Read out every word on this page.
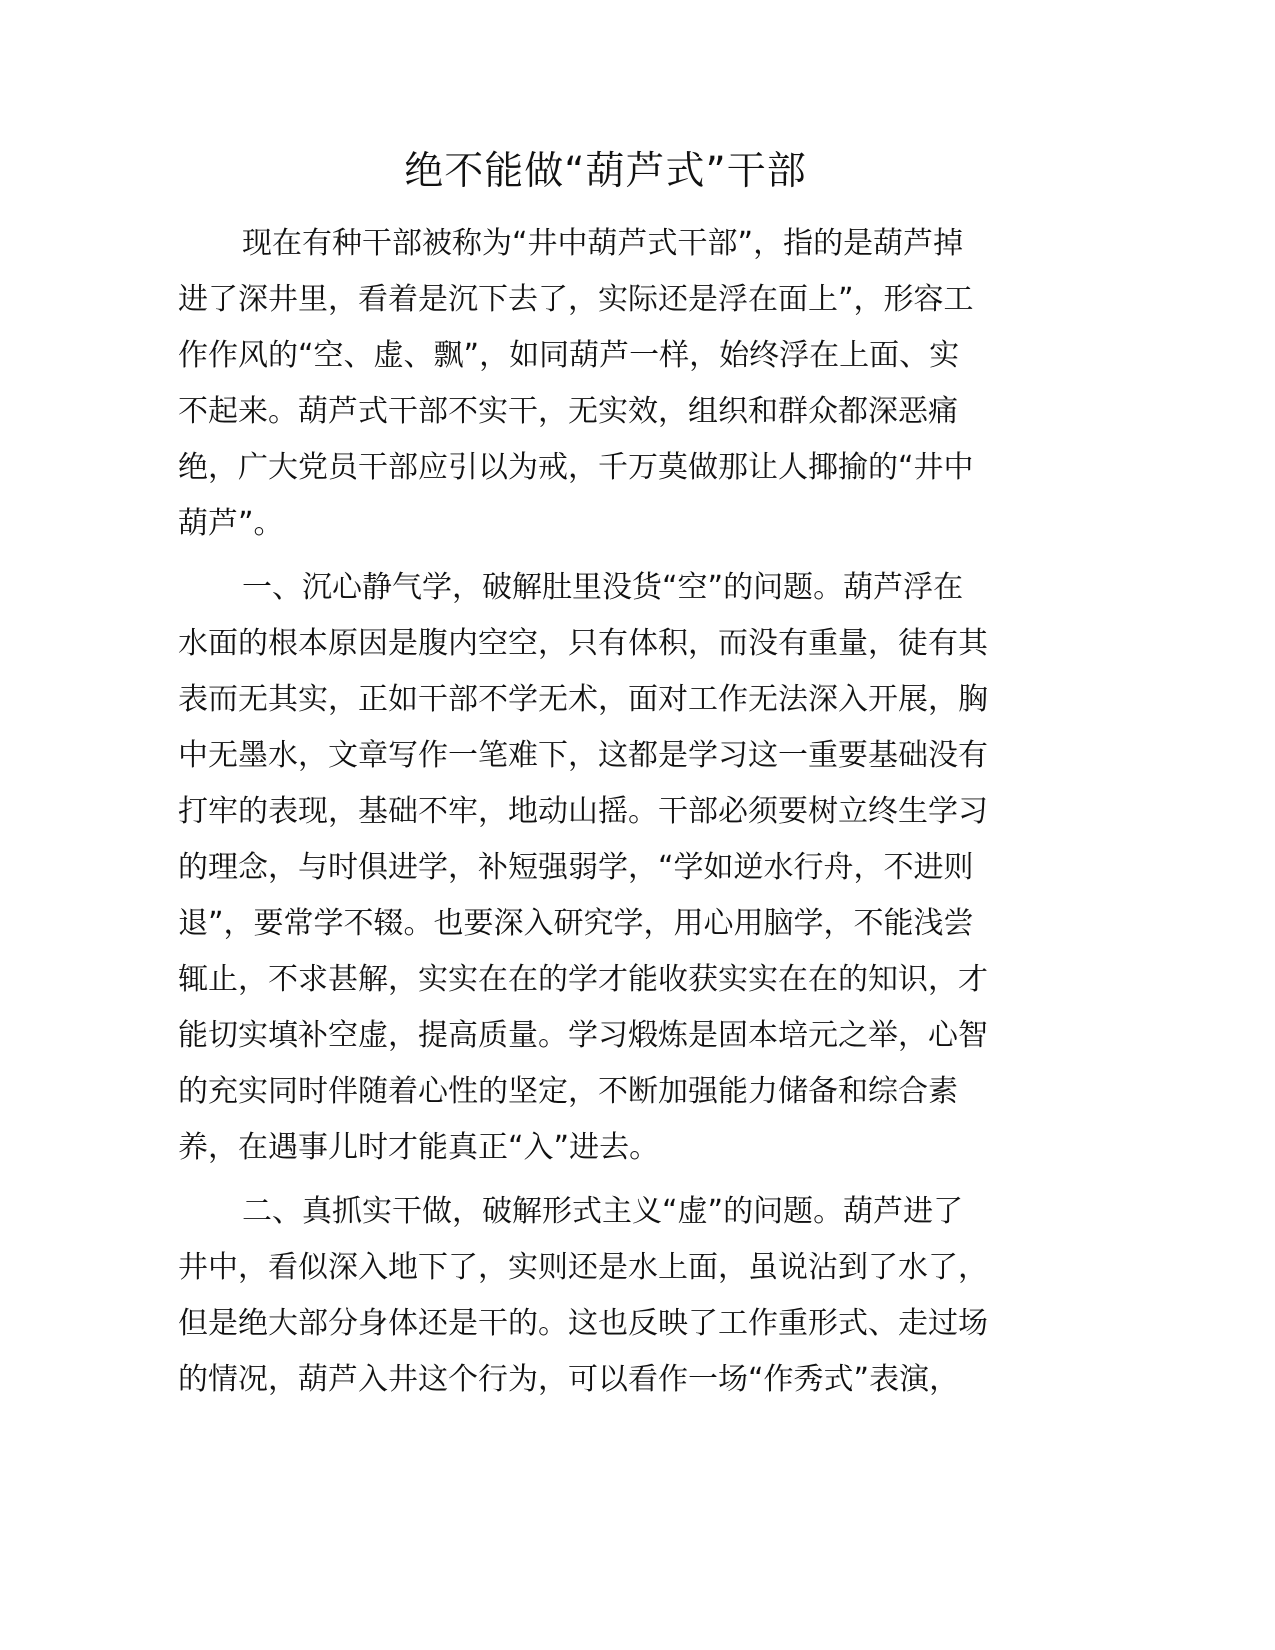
绝不能做“葫芦式”干部
现在有种干部被称为“井中葫芦式干部”，指的是葫芦掉
进了深井里，看着是沉下去了，实际还是浮在面上”，形容工
作作风的“空、虚、飘”，如同葫芦一样，始终浮在上面、实
不起来。葫芦式干部不实干，无实效，组织和群众都深恶痛
绝，广大党员干部应引以为戒，千万莫做那让人揶揄的“井中
葫芦”。
一、沉心静气学，破解肚里没货“空”的问题。葫芦浮在
水面的根本原因是腹内空空，只有体积，而没有重量，徒有其
表而无其实，正如干部不学无术，面对工作无法深入开展，胸
中无墨水，文章写作一笔难下，这都是学习这一重要基础没有
打牢的表现，基础不牢，地动山摇。干部必须要树立终生学习
的理念，与时俱进学，补短强弱学，“学如逆水行舟，不进则
退”，要常学不辍。也要深入研究学，用心用脑学，不能浅尝
辄止，不求甚解，实实在在的学才能收获实实在在的知识，才
能切实填补空虚，提高质量。学习煅炼是固本培元之举，心智
的充实同时伴随着心性的坚定，不断加强能力储备和综合素
养，在遇事儿时才能真正“入”进去。
二、真抓实干做，破解形式主义“虚”的问题。葫芦进了
井中，看似深入地下了，实则还是水上面，虽说沾到了水了，
但是绝大部分身体还是干的。这也反映了工作重形式、走过场
的情况，葫芦入井这个行为，可以看作一场“作秀式”表演，
